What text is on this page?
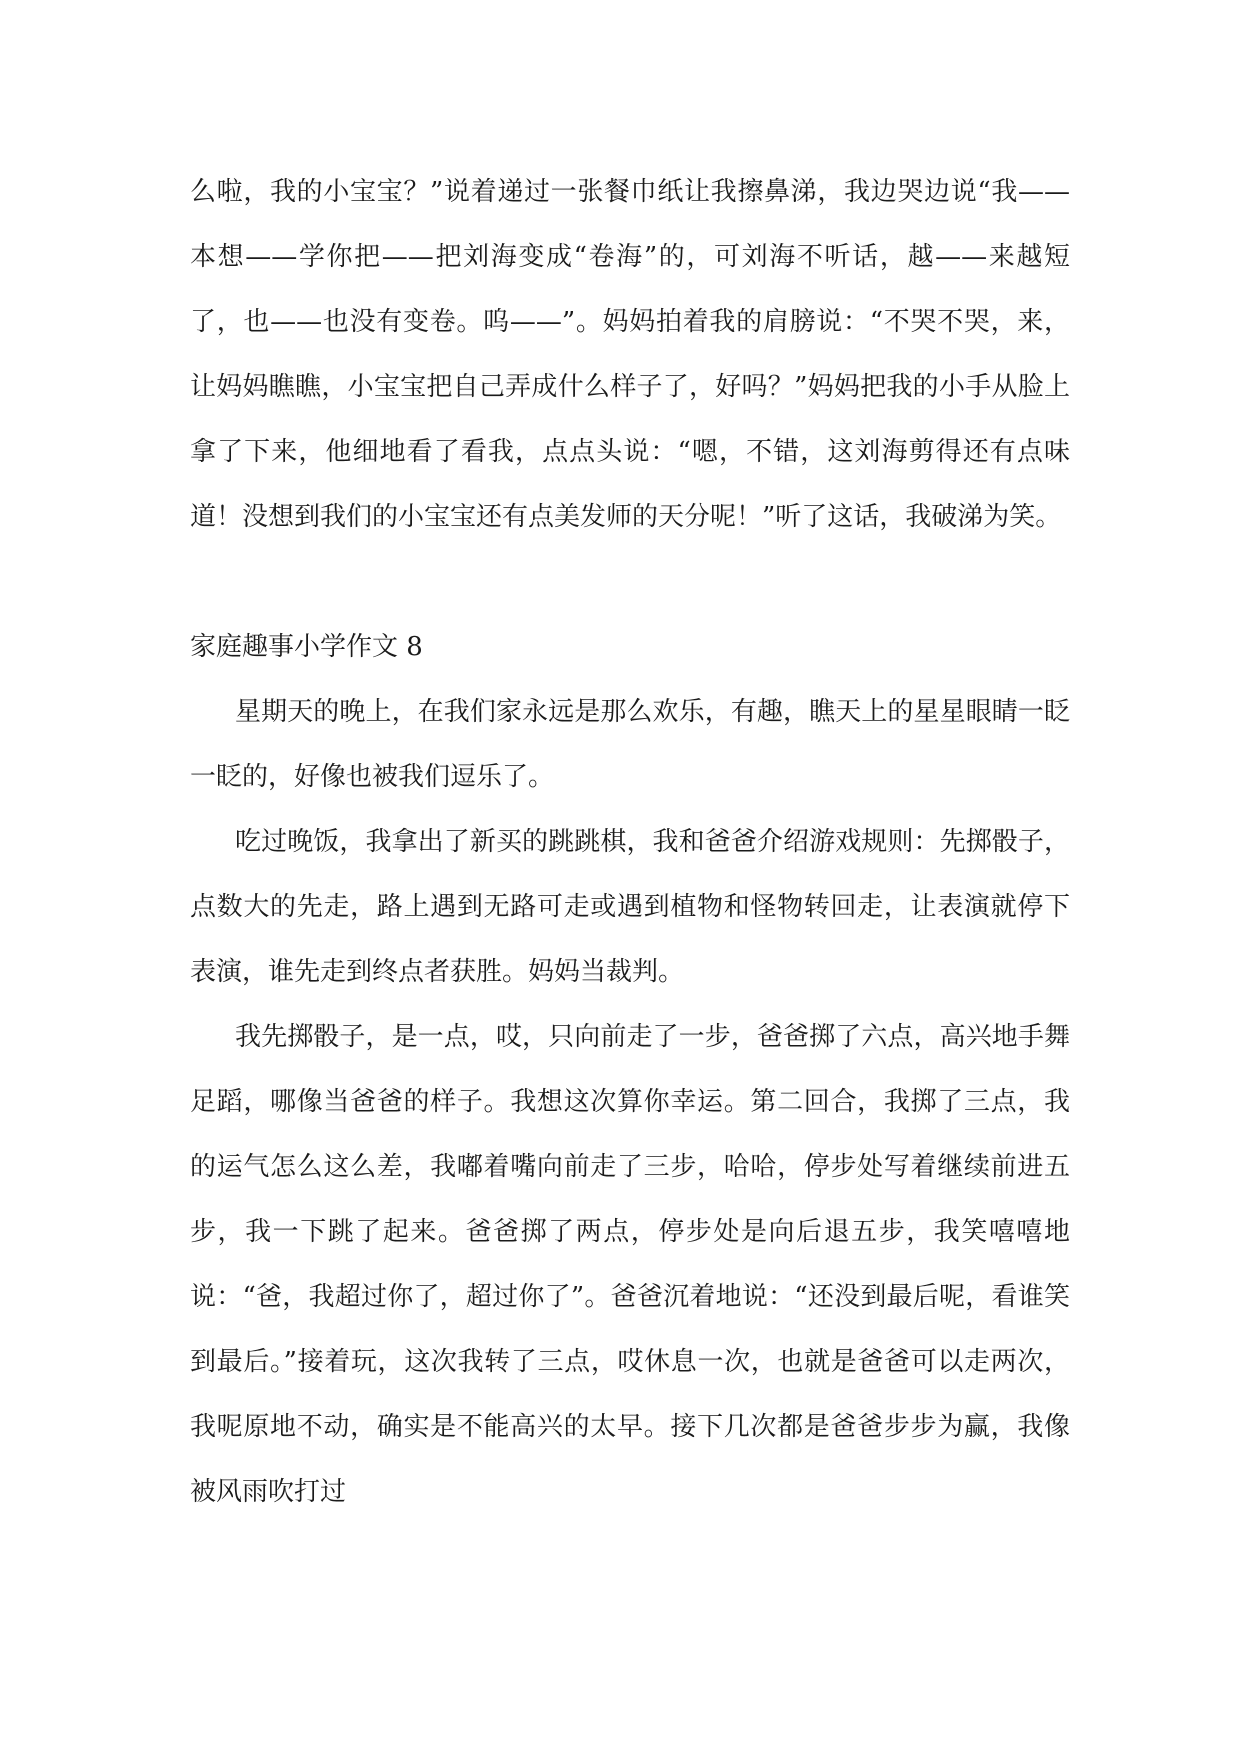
么啦，我的小宝宝？”说着递过一张餐巾纸让我擦鼻涕，我边哭边说“我——本想——学你把——把刘海变成“卷海”的，可刘海不听话，越——来越短了，也——也没有变卷。呜——”。妈妈拍着我的肩膀说：“不哭不哭，来，让妈妈瞧瞧，小宝宝把自己弄成什么样子了，好吗？”妈妈把我的小手从脸上拿了下来，他细地看了看我，点点头说：“嗯，不错，这刘海剪得还有点味道！没想到我们的小宝宝还有点美发师的天分呢！”听了这话，我破涕为笑。

家庭趣事小学作文 8

星期天的晚上，在我们家永远是那么欢乐，有趣，瞧天上的星星眼睛一眨一眨的，好像也被我们逗乐了。

吃过晚饭，我拿出了新买的跳跳棋，我和爸爸介绍游戏规则：先掷骰子，点数大的先走，路上遇到无路可走或遇到植物和怪物转回走，让表演就停下表演，谁先走到终点者获胜。妈妈当裁判。

我先掷骰子，是一点，哎，只向前走了一步，爸爸掷了六点，高兴地手舞足蹈，哪像当爸爸的样子。我想这次算你幸运。第二回合，我掷了三点，我的运气怎么这么差，我嘟着嘴向前走了三步，哈哈，停步处写着继续前进五步，我一下跳了起来。爸爸掷了两点，停步处是向后退五步，我笑嘻嘻地说：“爸，我超过你了，超过你了”。爸爸沉着地说：“还没到最后呢，看谁笑到最后。”接着玩，这次我转了三点，哎休息一次，也就是爸爸可以走两次，我呢原地不动，确实是不能高兴的太早。接下几次都是爸爸步步为赢，我像被风雨吹打过
